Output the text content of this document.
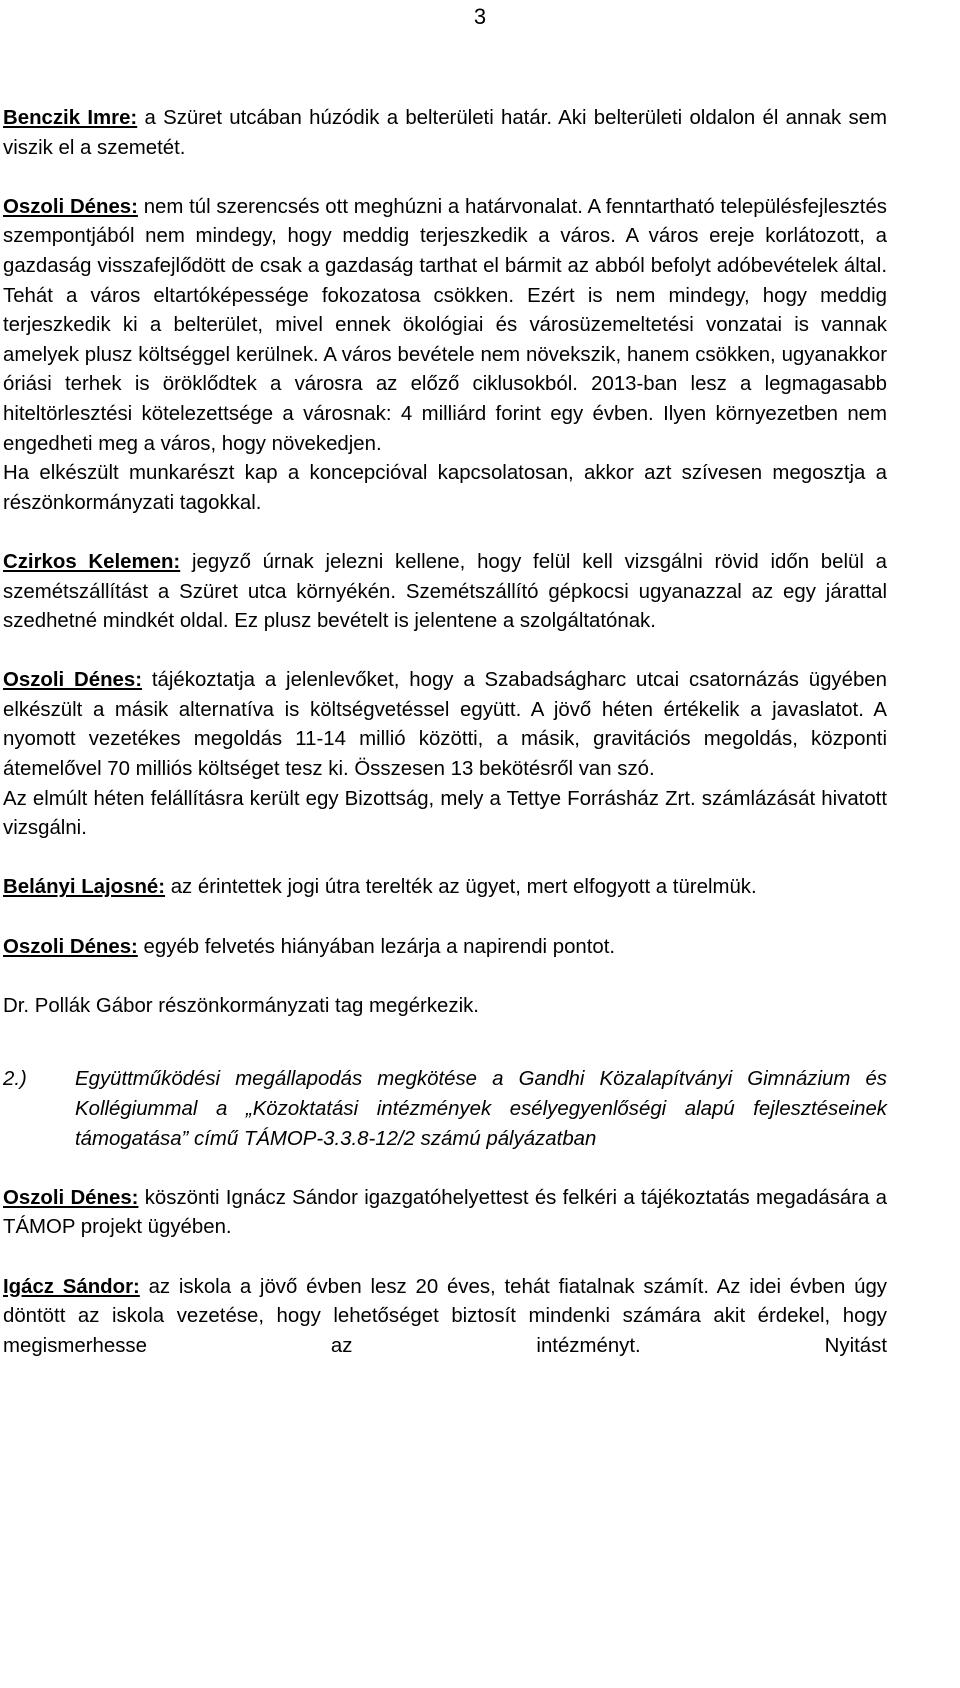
3

Benczik Imre: a Szüret utcában húzódik a belterületi határ. Aki belterületi oldalon él annak sem viszik el a szemetét.

Oszoli Dénes: nem túl szerencsés ott meghúzni a határvonalat. A fenntartható településfejlesztés szempontjából nem mindegy, hogy meddig terjeszkedik a város. A város ereje korlátozott, a gazdaság visszafejlődött de csak a gazdaság tarthat el bármit az abból befolyt adóbevételek által. Tehát a város eltartóképessége fokozatosa csökken. Ezért is nem mindegy, hogy meddig terjeszkedik ki a belterület, mivel ennek ökológiai és városüzemeltetési vonzatai is vannak amelyek plusz költséggel kerülnek. A város bevétele nem növekszik, hanem csökken, ugyanakkor óriási terhek is öröklődtek a városra az előző ciklusokból. 2013-ban lesz a legmagasabb hiteltörlesztési kötelezettsége a városnak: 4 milliárd forint egy évben. Ilyen környezetben nem engedheti meg a város, hogy növekedjen.

Ha elkészült munkarészt kap a koncepcióval kapcsolatosan, akkor azt szívesen megosztja a részönkormányzati tagokkal.

Czirkos Kelemen: jegyző úrnak jelezni kellene, hogy felül kell vizsgálni rövid időn belül a szemétszállítást a Szüret utca környékén. Szemétszállító gépkocsi ugyanazzal az egy járattal szedhetné mindkét oldal. Ez plusz bevételt is jelentene a szolgáltatónak.

Oszoli Dénes: tájékoztatja a jelenlevőket, hogy a Szabadságharc utcai csatornázás ügyében elkészült a másik alternatíva is költségvetéssel együtt. A jövő héten értékelik a javaslatot. A nyomott vezetékes megoldás 11-14 millió közötti, a másik, gravitációs megoldás, központi átemelővel 70 milliós költséget tesz ki. Összesen 13 bekötésről van szó.

Az elmúlt héten felállításra került egy Bizottság, mely a Tettye Forrásház Zrt. számlázását hivatott vizsgálni.

Belányi Lajosné: az érintettek jogi útra terelték az ügyet, mert elfogyott a türelmük.

Oszoli Dénes: egyéb felvetés hiányában lezárja a napirendi pontot.

Dr. Pollák Gábor részönkormányzati tag megérkezik.

2.)	Együttműködési megállapodás megkötése a Gandhi Közalapítványi Gimnázium és Kollégiummal a „Közoktatási intézmények esélyegyenlőségi alapú fejlesztéseinek támogatása” című TÁMOP-3.3.8-12/2 számú pályázatban

Oszoli Dénes: köszönti Ignácz Sándor igazgatóhelyettest és felkéri a tájékoztatás megadására a TÁMOP projekt ügyében.

Igácz Sándor: az iskola a jövő évben lesz 20 éves, tehát fiatalnak számít. Az idei évben úgy döntött az iskola vezetése, hogy lehetőséget biztosít mindenki számára akit érdekel, hogy megismerhesse az intézményt. Nyitást
